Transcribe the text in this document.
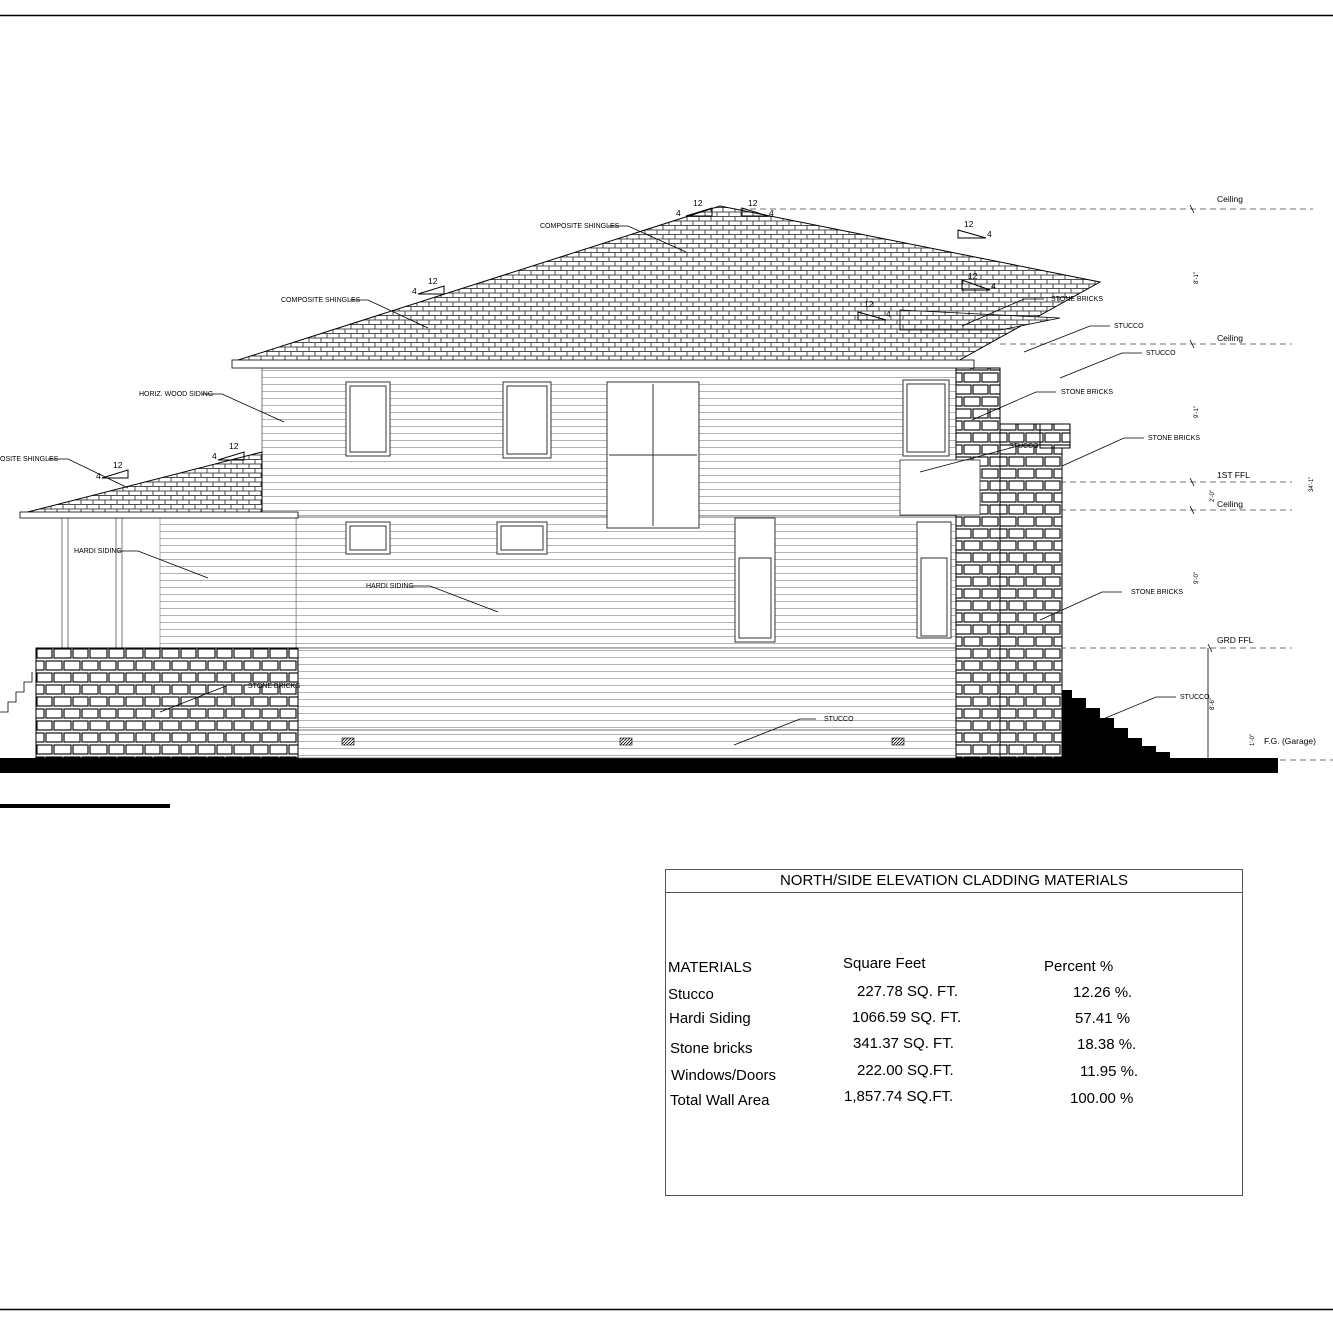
12
4
12
4
12
4
12
4
12
4
12
4
12
4
12
4
COMPOSITE SHINGLES
COMPOSITE SHINGLES
OSITE SHINGLES
HORIZ. WOOD SIDING
HARDI SIDING
HARDI SIDING
STONE BRICKS
STUCCO
STONE BRICKS
STUCCO
STUCCO
STONE BRICKS
STUCCO
STONE BRICKS
STONE BRICKS
STUCCO
Ceiling
Ceiling
1ST FFL
Ceiling
GRD FFL
F.G. (Garage)
8'-1"
9'-1"
2'-0"
9'-0"
8'-6"
1'-0"
34'-1"
NORTH/SIDE ELEVATION CLADDING MATERIALS
MATERIALS	Square Feet	Percent %
Stucco	227.78 SQ. FT.	12.26 %.
Hardi Siding	1066.59 SQ. FT.	57.41 %
Stone bricks	341.37 SQ. FT.	18.38 %.
Windows/Doors	222.00 SQ.FT.	11.95 %.
Total Wall Area	1,857.74 SQ.FT.	100.00 %
